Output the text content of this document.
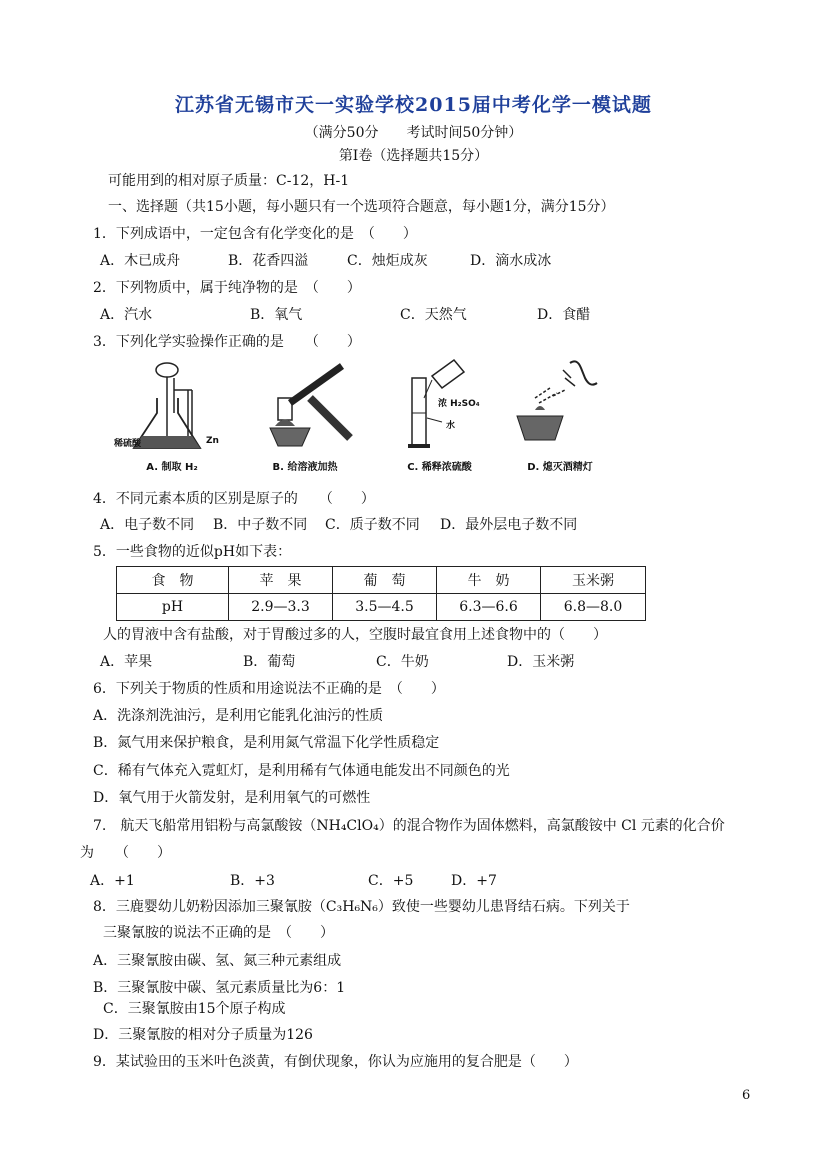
江苏省无锡市天一实验学校2015届中考化学一模试题
（满分50分　　考试时间50分钟）
第Ⅰ卷（选择题共15分）
可能用到的相对原子质量：C-12，H-1
一、选择题（共15小题，每小题只有一个选项符合题意，每小题1分，满分15分）
1．下列成语中，一定包含有化学变化的是　（　　）
A．木已成舟	B．花香四溢	C．烛炬成灰	D．滴水成冰
2．下列物质中，属于纯净物的是　（　　）
A．汽水	B．氧气	C．天然气	D．食醋
3．下列化学实验操作正确的是　　（　　）
稀硫酸	Zn
A. 制取 H₂	B. 给溶液加热
浓 H₂SO₄
水
C. 稀释浓硫酸	D. 熄灭酒精灯
4．不同元素本质的区别是原子的　　（　　）
A．电子数不同 B．中子数不同 C．质子数不同 D．最外层电子数不同
5．一些食物的近似pH如下表：
食　物	苹　果	葡　萄	牛　奶	玉米粥
pH	2.9—3.3	3.5—4.5	6.3—6.6	6.8—8.0
人的胃液中含有盐酸，对于胃酸过多的人，空腹时最宜食用上述食物中的（　　）
A．苹果	B．葡萄	C．牛奶	D．玉米粥
6．下列关于物质的性质和用途说法不正确的是　（　　）
A．洗涤剂洗油污，是利用它能乳化油污的性质
B．氮气用来保护粮食，是利用氮气常温下化学性质稳定
C．稀有气体充入霓虹灯，是利用稀有气体通电能发出不同颜色的光
D．氧气用于火箭发射，是利用氧气的可燃性
7.　航天飞船常用铝粉与高氯酸铵（NH₄ClO₄）的混合物作为固体燃料，高氯酸铵中 Cl 元素的化合价
为　　（　　）
A．+1	B．+3	C．+5	D．+7
8．三鹿婴幼儿奶粉因添加三聚氰胺（C₃H₆N₆）致使一些婴幼儿患肾结石病。下列关于
三聚氰胺的说法不正确的是　（　　）
A．三聚氰胺由碳、氢、氮三种元素组成
B．三聚氰胺中碳、氢元素质量比为6：1
C．三聚氰胺由15个原子构成
D．三聚氰胺的相对分子质量为126
9．某试验田的玉米叶色淡黄，有倒伏现象，你认为应施用的复合肥是（　　）
6
